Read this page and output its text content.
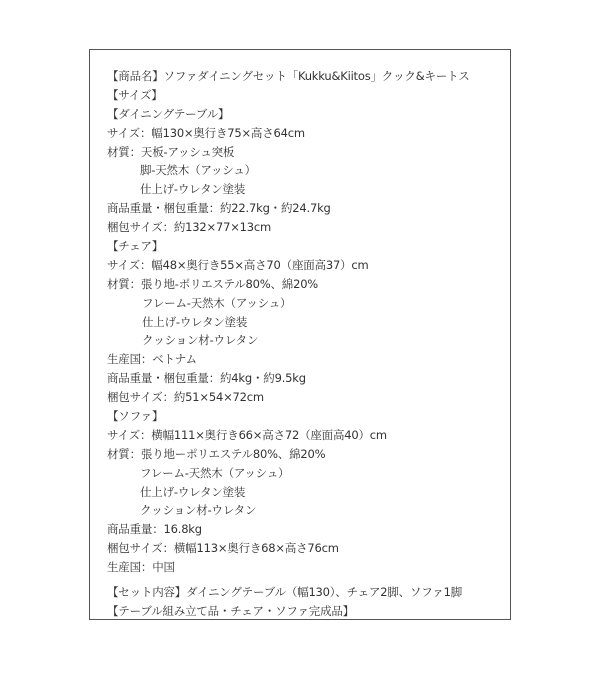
【商品名】ソファダイニングセット「Kukku&Kiitos」クック&キートス
【サイズ】
【ダイニングテーブル】
サイズ：幅130×奥行き75×高さ64cm
材質：天板-アッシュ突板
脚-天然木（アッシュ）
仕上げ-ウレタン塗装
商品重量・梱包重量：約22.7kg・約24.7kg
梱包サイズ：約132×77×13cm
【チェア】
サイズ：幅48×奥行き55×高さ70（座面高37）cm
材質：張り地-ポリエステル80%、綿20%
フレーム-天然木（アッシュ）
仕上げ-ウレタン塗装
クッション材-ウレタン
生産国：ベトナム
商品重量・梱包重量：約4kg・約9.5kg
梱包サイズ：約51×54×72cm
【ソファ】
サイズ：横幅111×奥行き66×高さ72（座面高40）cm
材質：張り地ーポリエステル80%、綿20%
フレーム-天然木（アッシュ）
仕上げ-ウレタン塗装
クッション材-ウレタン
商品重量：16.8kg
梱包サイズ：横幅113×奥行き68×高さ76cm
生産国：中国
【セット内容】ダイニングテーブル（幅130）、チェア2脚、ソファ1脚
【テーブル組み立て品・チェア・ソファ完成品】
